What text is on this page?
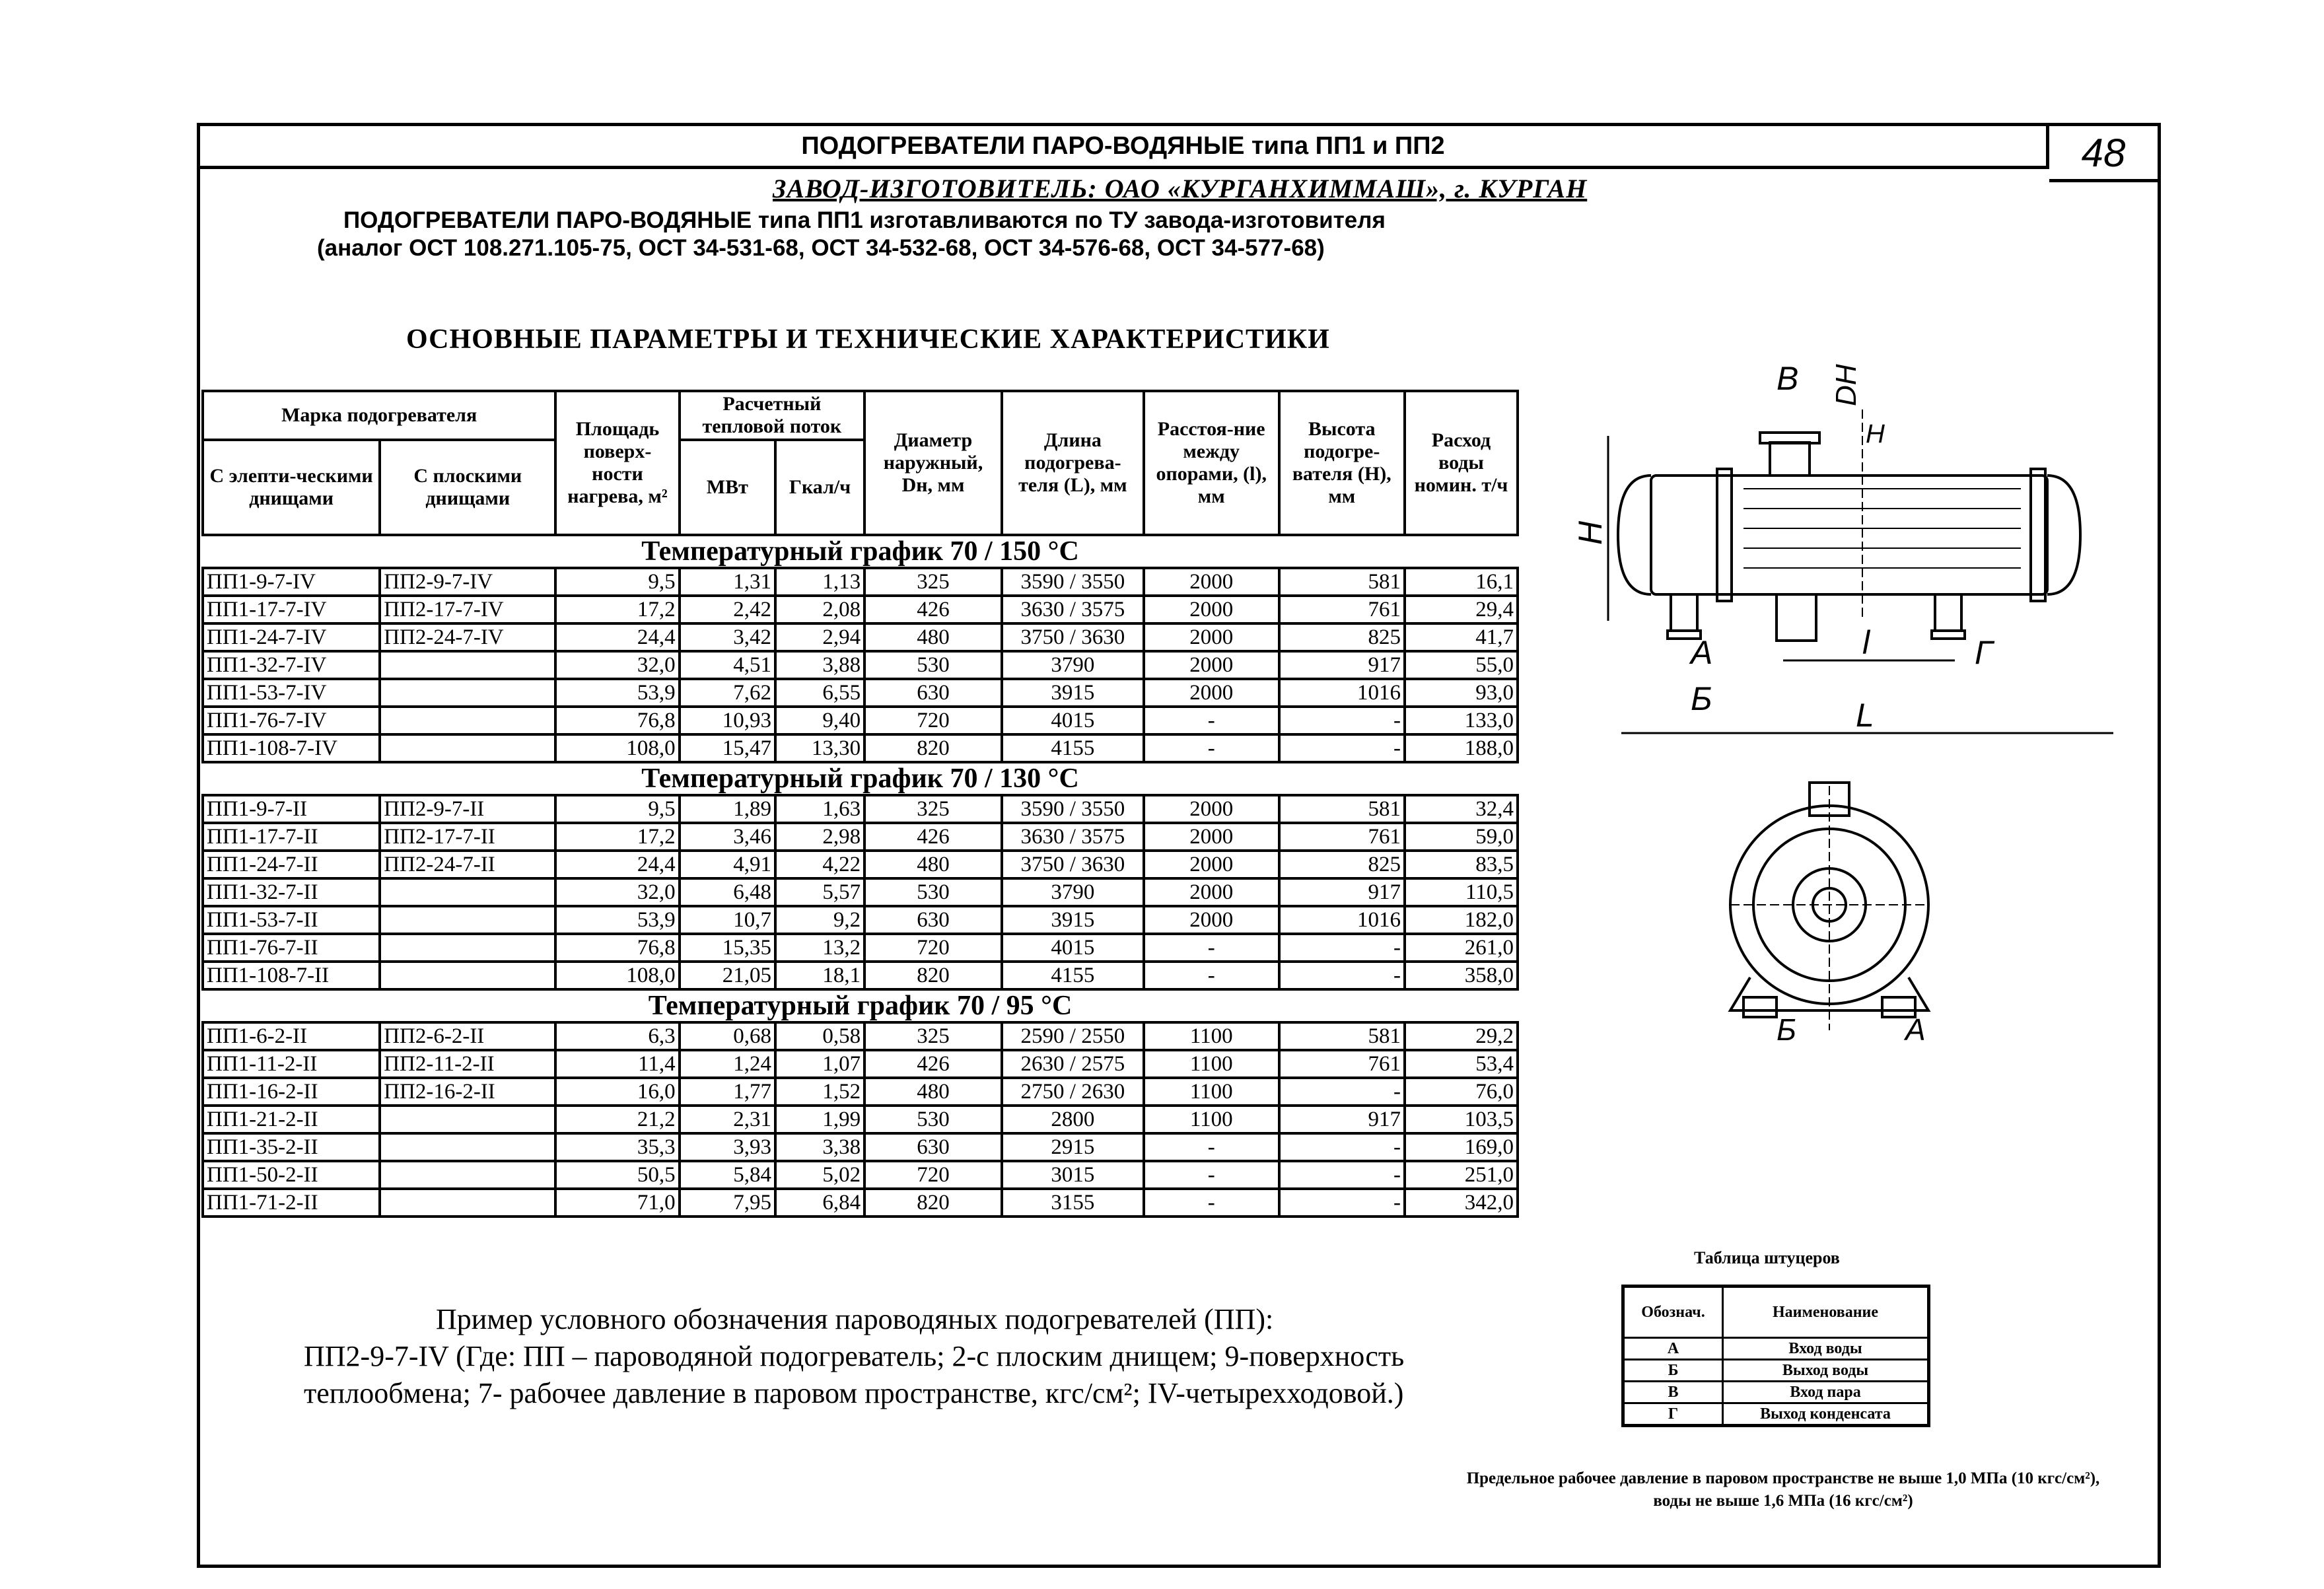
ПОДОГРЕВАТЕЛИ ПАРО-ВОДЯНЫЕ типа ПП1 и ПП2	48
ЗАВОД-ИЗГОТОВИТЕЛЬ: ОАО «КУРГАНХИММАШ», г. КУРГАН
ПОДОГРЕВАТЕЛИ ПАРО-ВОДЯНЫЕ типа ПП1 изготавливаются по ТУ завода-изготовителя
(аналог ОСТ 108.271.105-75, ОСТ 34-531-68, ОСТ 34-532-68, ОСТ 34-576-68, ОСТ 34-577-68)
ОСНОВНЫЕ ПАРАМЕТРЫ И ТЕХНИЧЕСКИЕ ХАРАКТЕРИСТИКИ
Марка подогревателя		Площадь поверх-ности нагрева, м²	Расчетный тепловой поток		Диаметр наружный, Dн, мм	Длина подогрева-теля (L), мм	Расстоя-ние между опорами, (l), мм	Высота подогре-вателя (H), мм	Расход воды номин. т/ч
С элепти-ческими днищами	С плоскими днищами		МВт	Гкал/ч					
Температурный график 70 / 150 °C									
ПП1-9-7-IV	ПП2-9-7-IV	9,5	1,31	1,13	325	3590 / 3550	2000	581	16,1
ПП1-17-7-IV	ПП2-17-7-IV	17,2	2,42	2,08	426	3630 / 3575	2000	761	29,4
ПП1-24-7-IV	ПП2-24-7-IV	24,4	3,42	2,94	480	3750 / 3630	2000	825	41,7
ПП1-32-7-IV		32,0	4,51	3,88	530	3790	2000	917	55,0
ПП1-53-7-IV		53,9	7,62	6,55	630	3915	2000	1016	93,0
ПП1-76-7-IV		76,8	10,93	9,40	720	4015	-	-	133,0
ПП1-108-7-IV		108,0	15,47	13,30	820	4155	-	-	188,0
Температурный график 70 / 130 °C									
ПП1-9-7-II	ПП2-9-7-II	9,5	1,89	1,63	325	3590 / 3550	2000	581	32,4
ПП1-17-7-II	ПП2-17-7-II	17,2	3,46	2,98	426	3630 / 3575	2000	761	59,0
ПП1-24-7-II	ПП2-24-7-II	24,4	4,91	4,22	480	3750 / 3630	2000	825	83,5
ПП1-32-7-II		32,0	6,48	5,57	530	3790	2000	917	110,5
ПП1-53-7-II		53,9	10,7	9,2	630	3915	2000	1016	182,0
ПП1-76-7-II		76,8	15,35	13,2	720	4015	-	-	261,0
ПП1-108-7-II		108,0	21,05	18,1	820	4155	-	-	358,0
Температурный график 70 / 95 °C									
ПП1-6-2-II	ПП2-6-2-II	6,3	0,68	0,58	325	2590 / 2550	1100	581	29,2
ПП1-11-2-II	ПП2-11-2-II	11,4	1,24	1,07	426	2630 / 2575	1100	761	53,4
ПП1-16-2-II	ПП2-16-2-II	16,0	1,77	1,52	480	2750 / 2630	1100	-	76,0
ПП1-21-2-II		21,2	2,31	1,99	530	2800	1100	917	103,5
ПП1-35-2-II		35,3	3,93	3,38	630	2915	-	-	169,0
ПП1-50-2-II		50,5	5,84	5,02	720	3015	-	-	251,0
ПП1-71-2-II		71,0	7,95	6,84	820	3155	-	-	342,0
Пример условного обозначения пароводяных подогревателей (ПП):
ПП2-9-7-IV (Где: ПП – пароводяной подогреватель; 2-с плоским днищем; 9-поверхность
теплообмена; 7- рабочее давление в паровом пространстве, кгс/см²; IV-четырехходовой.)
В DН
Н
Н
А
Б
Г
l
L
Б	А
Таблица штуцеров
Обознач.	Наименование
А	Вход воды
Б	Выход воды
В	Вход пара
Г	Выход конденсата
Предельное рабочее давление в паровом пространстве не выше 1,0 МПа (10 кгс/см²),
воды не выше 1,6 МПа (16 кгс/см²)
